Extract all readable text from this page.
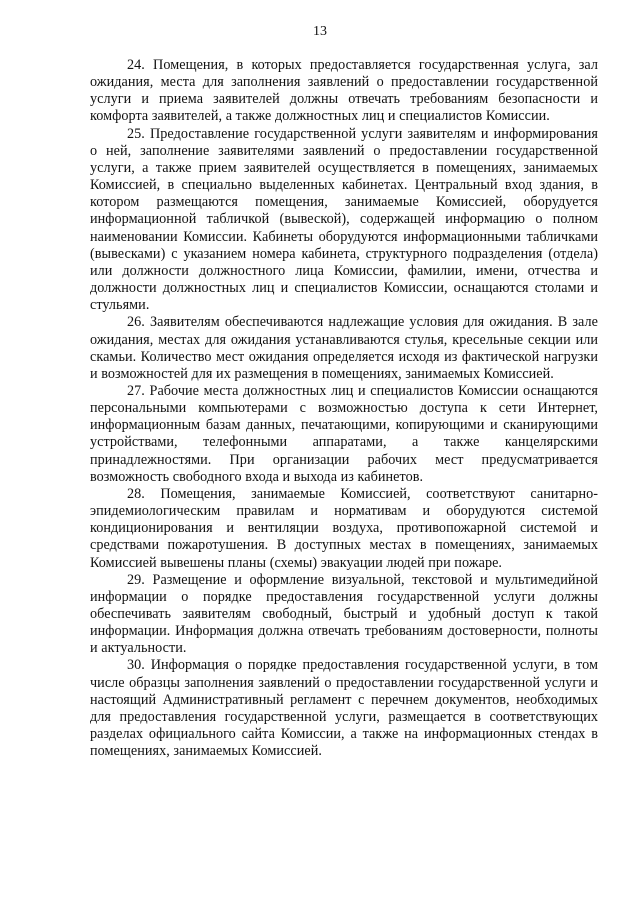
13

24. Помещения, в которых предоставляется государственная услуга, зал ожидания, места для заполнения заявлений о предоставлении государственной услуги и приема заявителей должны отвечать требованиям безопасности и комфорта заявителей, а также должностных лиц и специалистов Комиссии.

25. Предоставление государственной услуги заявителям и информирования о ней, заполнение заявителями заявлений о предоставлении государственной услуги, а также прием заявителей осуществляется в помещениях, занимаемых Комиссией, в специально выделенных кабинетах. Центральный вход здания, в котором размещаются помещения, занимаемые Комиссией, оборудуется информационной табличкой (вывеской), содержащей информацию о полном наименовании Комиссии. Кабинеты оборудуются информационными табличками (вывесками) с указанием номера кабинета, структурного подразделения (отдела) или должности должностного лица Комиссии, фамилии, имени, отчества и должности должностных лиц и специалистов Комиссии, оснащаются столами и стульями.

26. Заявителям обеспечиваются надлежащие условия для ожидания. В зале ожидания, местах для ожидания устанавливаются стулья, кресельные секции или скамьи. Количество мест ожидания определяется исходя из фактической нагрузки и возможностей для их размещения в помещениях, занимаемых Комиссией.

27. Рабочие места должностных лиц и специалистов Комиссии оснащаются персональными компьютерами с возможностью доступа к сети Интернет, информационным базам данных, печатающими, копирующими и сканирующими устройствами, телефонными аппаратами, а также канцелярскими принадлежностями. При организации рабочих мест предусматривается возможность свободного входа и выхода из кабинетов.

28. Помещения, занимаемые Комиссией, соответствуют санитарно-эпидемиологическим правилам и нормативам и оборудуются системой кондиционирования и вентиляции воздуха, противопожарной системой и средствами пожаротушения. В доступных местах в помещениях, занимаемых Комиссией вывешены планы (схемы) эвакуации людей при пожаре.

29. Размещение и оформление визуальной, текстовой и мультимедийной информации о порядке предоставления государственной услуги должны обеспечивать заявителям свободный, быстрый и удобный доступ к такой информации. Информация должна отвечать требованиям достоверности, полноты и актуальности.

30. Информация о порядке предоставления государственной услуги, в том числе образцы заполнения заявлений о предоставлении государственной услуги и настоящий Административный регламент с перечнем документов, необходимых для предоставления государственной услуги, размещается в соответствующих разделах официального сайта Комиссии, а также на информационных стендах в помещениях, занимаемых Комиссией.
